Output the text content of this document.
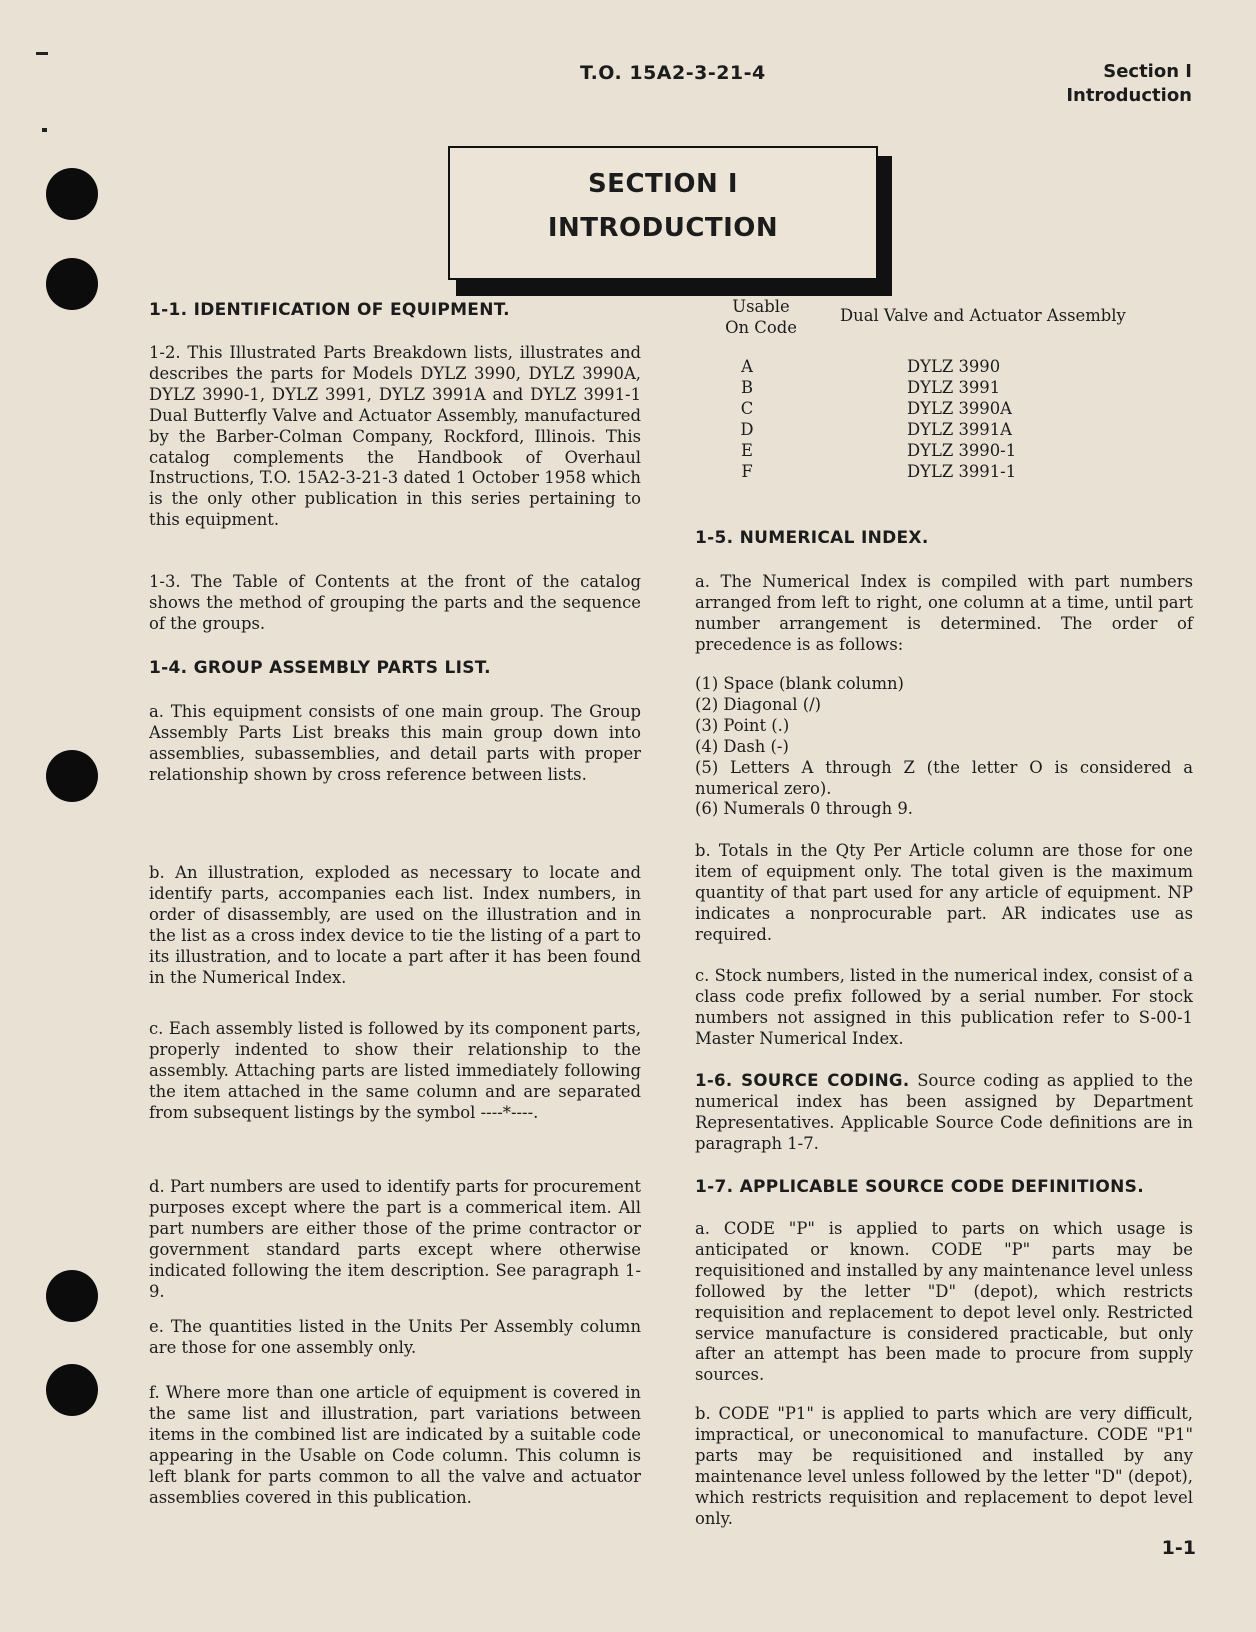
T.O. 15A2-3-21-4	Section I
Introduction
SECTION I
INTRODUCTION

1-1. IDENTIFICATION OF EQUIPMENT.

1-2. This Illustrated Parts Breakdown lists, illustrates and describes the parts for Models DYLZ 3990, DYLZ 3990A, DYLZ 3990-1, DYLZ 3991, DYLZ 3991A and DYLZ 3991-1 Dual Butterfly Valve and Actuator Assembly, manufactured by the Barber-Colman Company, Rockford, Illinois. This catalog complements the Handbook of Overhaul Instructions, T.O. 15A2-3-21-3 dated 1 October 1958 which is the only other publication in this series pertaining to this equipment.
1-3. The Table of Contents at the front of the catalog shows the method of grouping the parts and the sequence of the groups.
1-4. GROUP ASSEMBLY PARTS LIST.
a. This equipment consists of one main group. The Group Assembly Parts List breaks this main group down into assemblies, subassemblies, and detail parts with proper relationship shown by cross reference between lists.
b. An illustration, exploded as necessary to locate and identify parts, accompanies each list. Index numbers, in order of disassembly, are used on the illustration and in the list as a cross index device to tie the listing of a part to its illustration, and to locate a part after it has been found in the Numerical Index.
c. Each assembly listed is followed by its component parts, properly indented to show their relationship to the assembly. Attaching parts are listed immediately following the item attached in the same column and are separated from subsequent listings by the symbol ----*----.
d. Part numbers are used to identify parts for procurement purposes except where the part is a commerical item. All part numbers are either those of the prime contractor or government standard parts except where otherwise indicated following the item description. See paragraph 1-9.
e. The quantities listed in the Units Per Assembly column are those for one assembly only.
f. Where more than one article of equipment is covered in the same list and illustration, part variations between items in the combined list are indicated by a suitable code appearing in the Usable on Code column. This column is left blank for parts common to all the valve and actuator assemblies covered in this publication.
Usable
On Code
Dual Valve and Actuator Assembly
A	DYLZ 3990
B	DYLZ 3991
C	DYLZ 3990A
D	DYLZ 3991A
E	DYLZ 3990-1
F	DYLZ 3991-1
1-5. NUMERICAL INDEX.
a. The Numerical Index is compiled with part numbers arranged from left to right, one column at a time, until part number arrangement is determined. The order of precedence is as follows:

(1) Space (blank column)

(2) Diagonal (/)

(3) Point (.)

(4) Dash (-)

(5) Letters A through Z (the letter O is considered a numerical zero).

(6) Numerals 0 through 9.

b. Totals in the Qty Per Article column are those for one item of equipment only. The total given is the maximum quantity of that part used for any article of equipment. NP indicates a nonprocurable part. AR indicates use as required.
c. Stock numbers, listed in the numerical index, consist of a class code prefix followed by a serial number. For stock numbers not assigned in this publication refer to S-00-1 Master Numerical Index.
1-6. SOURCE CODING. Source coding as applied to the numerical index has been assigned by Department Representatives. Applicable Source Code definitions are in paragraph 1-7.
1-7. APPLICABLE SOURCE CODE DEFINITIONS.
a. CODE "P" is applied to parts on which usage is anticipated or known. CODE "P" parts may be requisitioned and installed by any maintenance level unless followed by the letter "D" (depot), which restricts requisition and replacement to depot level only. Restricted service manufacture is considered practicable, but only after an attempt has been made to procure from supply sources.
b. CODE "P1" is applied to parts which are very difficult, impractical, or uneconomical to manufacture. CODE "P1" parts may be requisitioned and installed by any maintenance level unless followed by the letter "D" (depot), which restricts requisition and replacement to depot level only.
1-1
